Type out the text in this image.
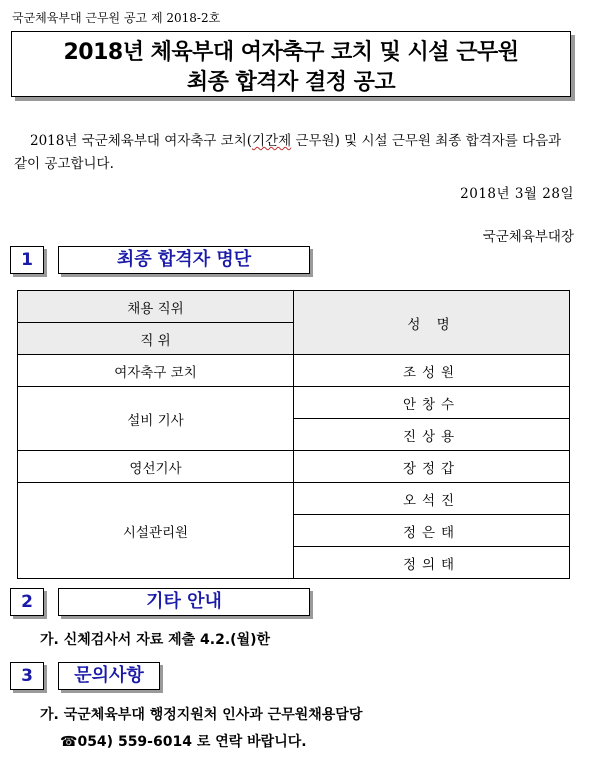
국군체육부대 근무원 공고 제 2018-2호
2018년 체육부대 여자축구 코치 및 시설 근무원
최종 합격자 결정 공고
2018년 국군체육부대 여자축구 코치(기간제 근무원) 및 시설 근무원 최종 합격자를 다음과 같이 공고합니다.
2018년 3월 28일
국군체육부대장
1	최종 합격자 명단
채용 직위	성 명
직 위	
여자축구 코치	조성원
설비 기사	안창수
	진상용
영선기사	장정갑
시설관리원	오석진
	정은태
	정의태
2	기타 안내
가. 신체검사서 자료 제출 4.2.(월)한
3	문의사항
가. 국군체육부대 행정지원처 인사과 근무원채용담당
☎054) 559-6014 로 연락 바랍니다.
